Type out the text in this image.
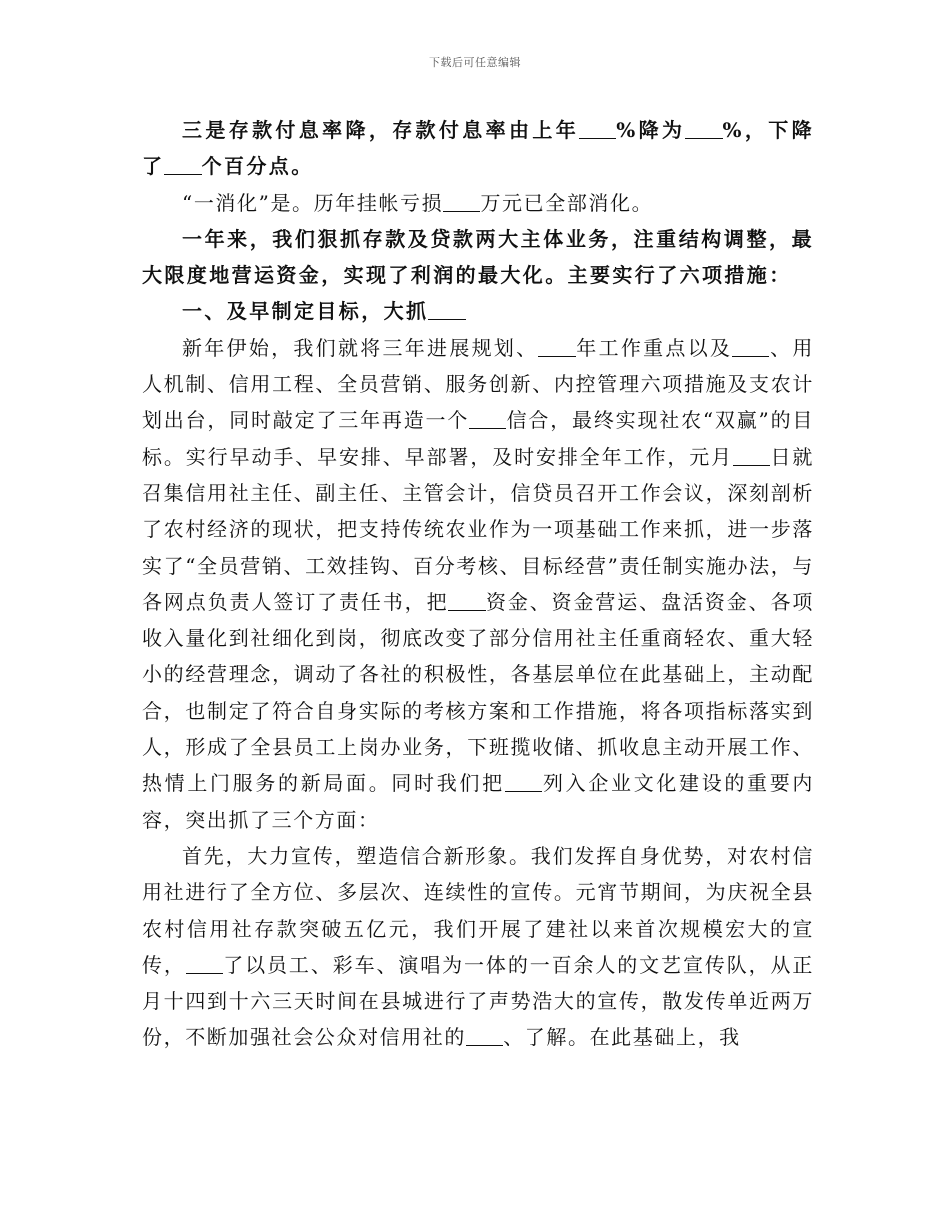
下载后可任意编辑

三是存款付息率降，存款付息率由上年 %降为 %，下降了 个百分点。

“一消化”是。历年挂帐亏损 万元已全部消化。

一年来，我们狠抓存款及贷款两大主体业务，注重结构调整，最大限度地营运资金，实现了利润的最大化。主要实行了六项措施：

一、及早制定目标，大抓

新年伊始，我们就将三年进展规划、 年工作重点以及 、用人机制、信用工程、全员营销、服务创新、内控管理六项措施及支农计划出台，同时敲定了三年再造一个 信合，最终实现社农“双赢”的目标。实行早动手、早安排、早部署，及时安排全年工作，元月 日就召集信用社主任、副主任、主管会计，信贷员召开工作会议，深刻剖析了农村经济的现状，把支持传统农业作为一项基础工作来抓，进一步落实了“全员营销、工效挂钩、百分考核、目标经营”责任制实施办法，与各网点负责人签订了责任书，把 资金、资金营运、盘活资金、各项收入量化到社细化到岗，彻底改变了部分信用社主任重商轻农、重大轻小的经营理念，调动了各社的积极性，各基层单位在此基础上，主动配合，也制定了符合自身实际的考核方案和工作措施，将各项指标落实到人，形成了全县员工上岗办业务，下班揽收储、抓收息主动开展工作、热情上门服务的新局面。同时我们把 列入企业文化建设的重要内容，突出抓了三个方面：

首先，大力宣传，塑造信合新形象。我们发挥自身优势，对农村信用社进行了全方位、多层次、连续性的宣传。元宵节期间，为庆祝全县农村信用社存款突破五亿元，我们开展了建社以来首次规模宏大的宣传， 了以员工、彩车、演唱为一体的一百余人的文艺宣传队，从正月十四到十六三天时间在县城进行了声势浩大的宣传，散发传单近两万份，不断加强社会公众对信用社的 、了解。在此基础上，我
